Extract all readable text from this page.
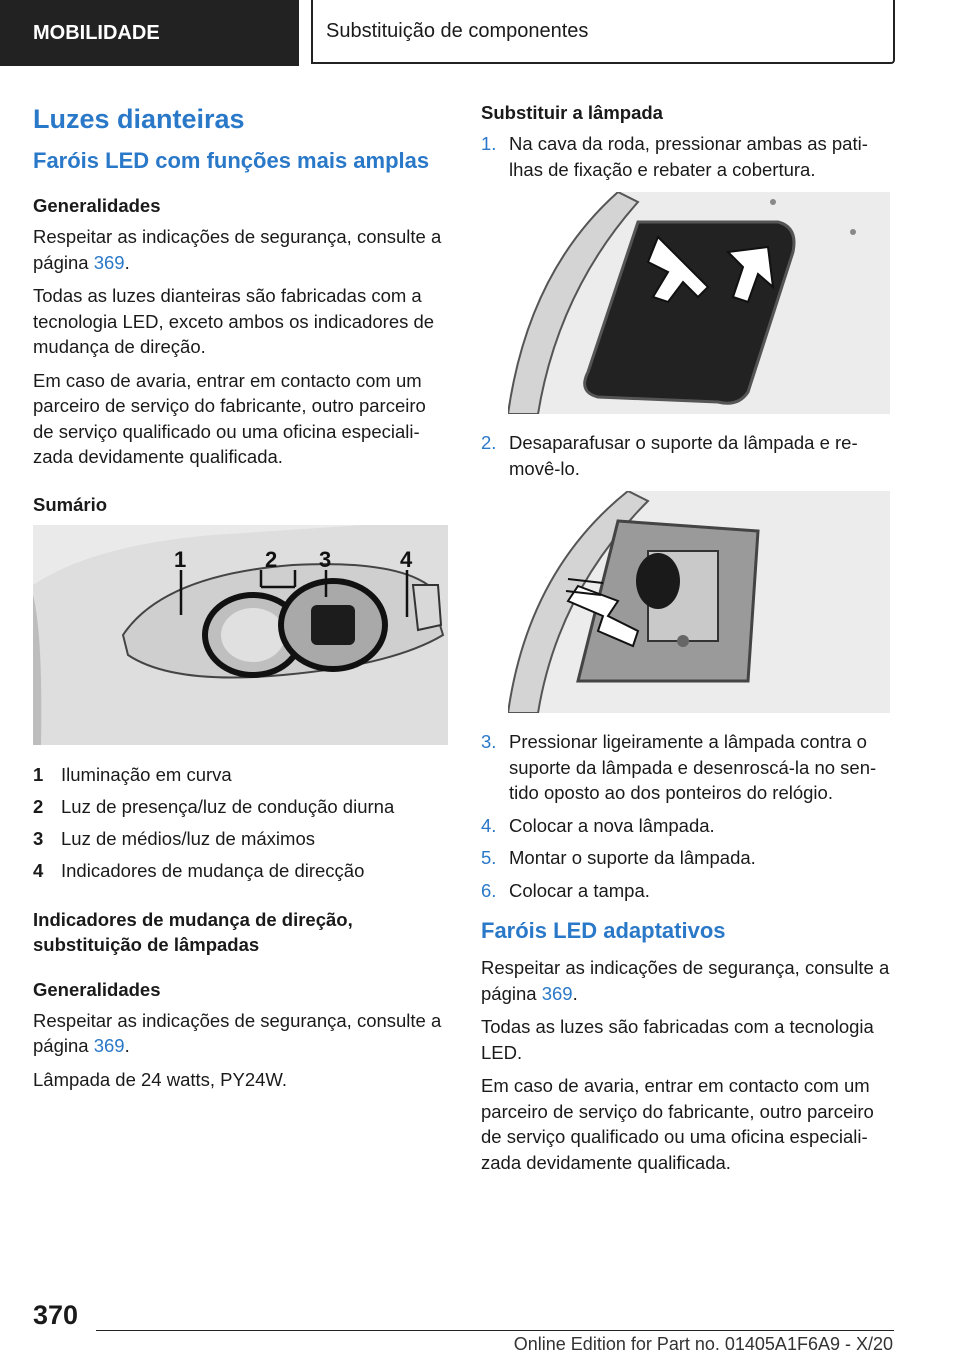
MOBILIDADE	Substituição de componentes
Luzes dianteiras
Faróis LED com funções mais amplas
Generalidades

Respeitar as indicações de segurança, consulte a página 369.

Todas as luzes dianteiras são fabricadas com a tecnologia LED, exceto ambos os indicadores de mudança de direção.

Em caso de avaria, entrar em contacto com um parceiro de serviço do fabricante, outro parceiro de serviço qualificado ou uma oficina especializada devidamente qualificada.

Sumário
1	2 3	4
1 Iluminação em curva
2 Luz de presença/luz de condução diurna
3 Luz de médios/luz de máximos
4 Indicadores de mudança de direcção
Indicadores de mudança de direção, substituição de lâmpadas
Generalidades

Respeitar as indicações de segurança, consulte a página 369.

Lâmpada de 24 watts, PY24W.

Substituir a lâmpada
1. Na cava da roda, pressionar ambas as patilhas de fixação e rebater a cobertura.
2. Desaparafusar o suporte da lâmpada e removê-lo.
3. Pressionar ligeiramente a lâmpada contra o suporte da lâmpada e desenroscá-la no sentido oposto ao dos ponteiros do relógio.
4. Colocar a nova lâmpada.
5. Montar o suporte da lâmpada.
6. Colocar a tampa.
Faróis LED adaptativos

Respeitar as indicações de segurança, consulte a página 369.

Todas as luzes são fabricadas com a tecnologia LED.

Em caso de avaria, entrar em contacto com um parceiro de serviço do fabricante, outro parceiro de serviço qualificado ou uma oficina especializada devidamente qualificada.

370
Online Edition for Part no. 01405A1F6A9 - X/20
